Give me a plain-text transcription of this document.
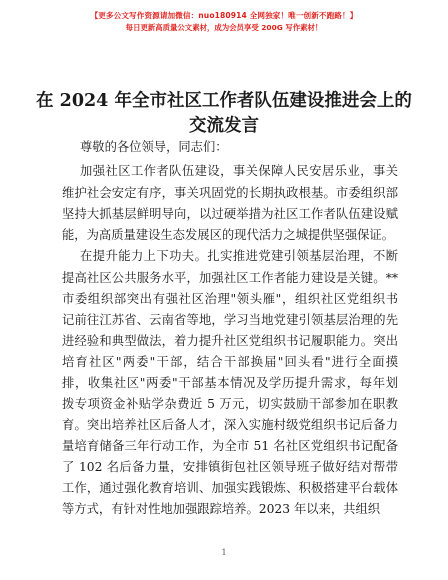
【更多公文写作资源请加微信：nuo180914 全网独家！唯一创新不跑路！】
每日更新高质量公文素材，成为会员享受 200G 写作素材！
在 2024 年全市社区工作者队伍建设推进会上的
交流发言
尊敬的各位领导，同志们：
加强社区工作者队伍建设，事关保障人民安居乐业，事关
维护社会安定有序，事关巩固党的长期执政根基。市委组织部
坚持大抓基层鲜明导向，以过硬举措为社区工作者队伍建设赋
能，为高质量建设生态发展区的现代活力之城提供坚强保证。
在提升能力上下功夫。扎实推进党建引领基层治理，不断
提高社区公共服务水平，加强社区工作者能力建设是关键。**
市委组织部突出有强社区治理"领头雁"，组织社区党组织书
记前往江苏省、云南省等地，学习当地党建引领基层治理的先
进经验和典型做法，着力提升社区党组织书记履职能力。突出
培育社区"两委"干部，结合干部换届"回头看"进行全面摸
排，收集社区"两委"干部基本情况及学历提升需求，每年划
拨专项资金补贴学杂费近 5 万元，切实鼓励干部参加在职教
育。突出培养社区后备人才，深入实施村级党组织书记后备力
量培育储备三年行动工作，为全市 51 名社区党组织书记配备
了 102 名后备力量，安排镇街包社区领导班子做好结对帮带
工作，通过强化教育培训、加强实践锻炼、积极搭建平台载体
等方式，有针对性地加强跟踪培养。2023 年以来，共组织
1
